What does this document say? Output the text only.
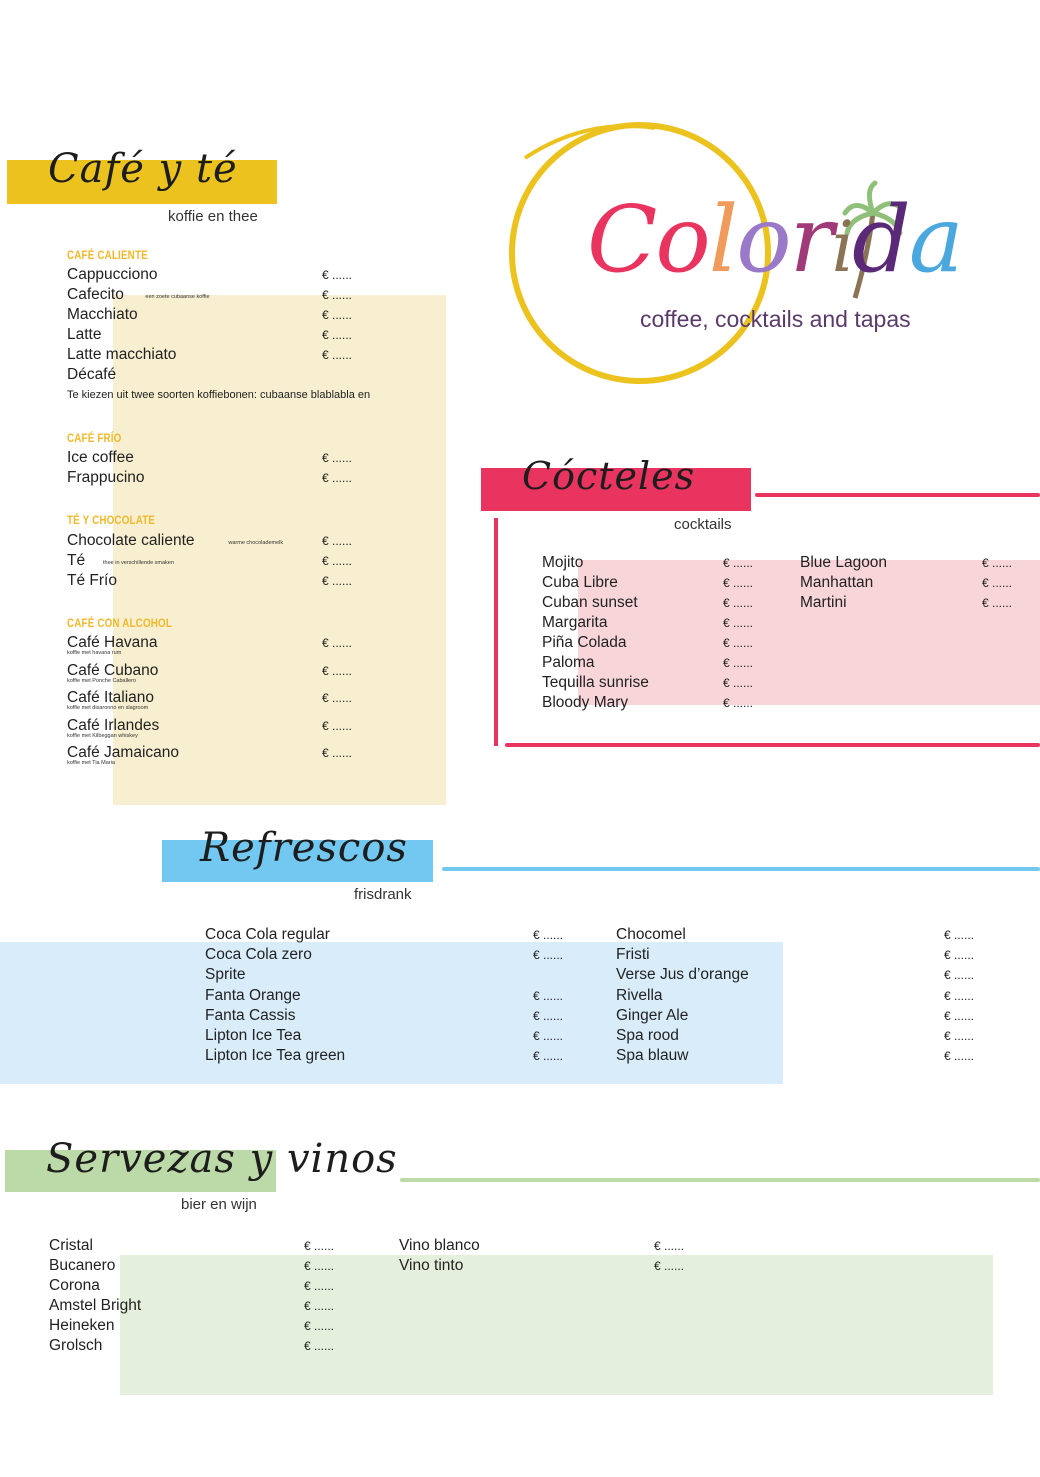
Colorida
coffee, cocktails and tapas
Café y té
koffie en thee
CAFÉ CALIENTE
Cappucciono	€ ......
Cafecito	een zoete cubaanse koffie	€ ......
Macchiato	€ ......
Latte	€ ......
Latte macchiato	€ ......
Décafé
Te kiezen uit twee soorten koffiebonen: cubaanse blablabla en
CAFÉ FRÍO
Ice coffee	€ ......
Frappucino	€ ......
TÉ Y CHOCOLATE
Chocolate caliente	warme chocolademelk	€ ......
Té	thee in verschillende smaken	€ ......
Té Frío	€ ......
CAFÉ CON ALCOHOL
Café Havana
koffie met havana rum
€ ......
Café Cubano
koffie met Ponche Caballero
€ ......
Café Italiano
koffie met disaronno en slagroom
€ ......
Café Irlandes
koffie met Kilbeggan whiskey
€ ......
Café Jamaicano
koffie met Tia Maria
€ ......
Cócteles
cocktails
Mojito	€ ......
Cuba Libre	€ ......
Cuban sunset	€ ......
Margarita	€ ......
Piña Colada	€ ......
Paloma	€ ......
Tequilla sunrise	€ ......
Bloody Mary	€ ......
Blue Lagoon	€ ......
Manhattan	€ ......
Martini	€ ......
Refrescos
frisdrank
Coca Cola regular	€ ......
Coca Cola zero	€ ......
Sprite
Fanta Orange	€ ......
Fanta Cassis	€ ......
Lipton Ice Tea	€ ......
Lipton Ice Tea green	€ ......
Chocomel	€ ......
Fristi	€ ......
Verse Jus d’orange	€ ......
Rivella	€ ......
Ginger Ale	€ ......
Spa rood	€ ......
Spa blauw	€ ......
Servezas y vinos
bier en wijn
Cristal	€ ......
Bucanero	€ ......
Corona	€ ......
Amstel Bright	€ ......
Heineken	€ ......
Grolsch	€ ......
Vino blanco	€ ......
Vino tinto	€ ......
